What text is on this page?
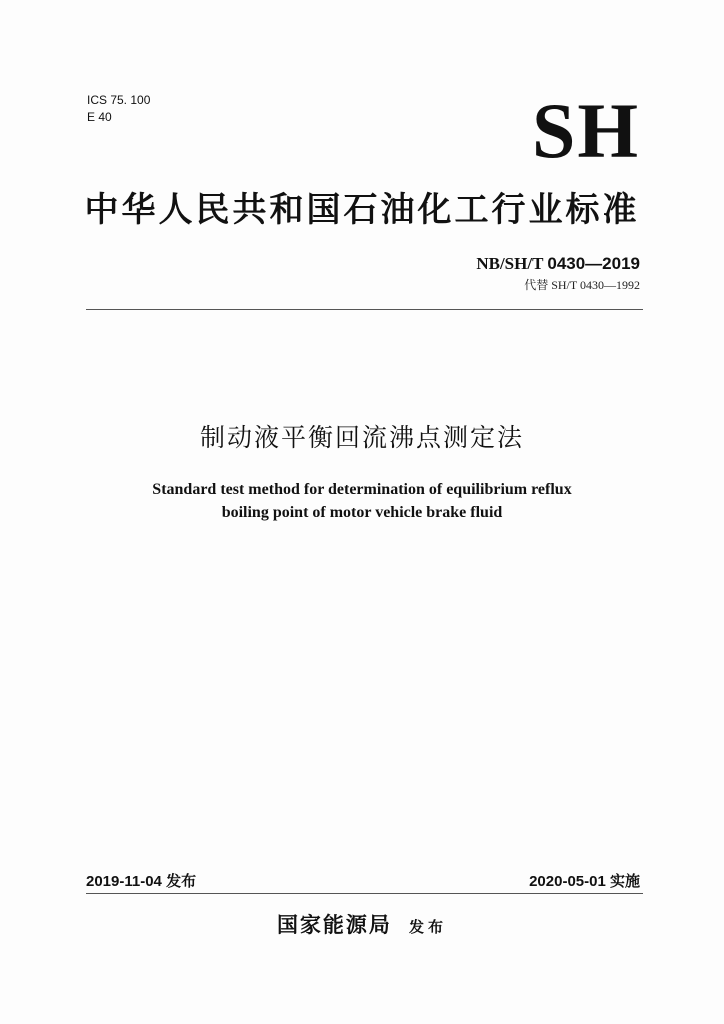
ICS 75. 100
E 40	SH
中华人民共和国石油化工行业标准
NB/SH/T 0430—2019
代替 SH/T 0430—1992
制动液平衡回流沸点测定法
Standard test method for determination of equilibrium reflux
boiling point of motor vehicle brake fluid
2019-11-04 发布	2020-05-01 实施
国家能源局 发布
